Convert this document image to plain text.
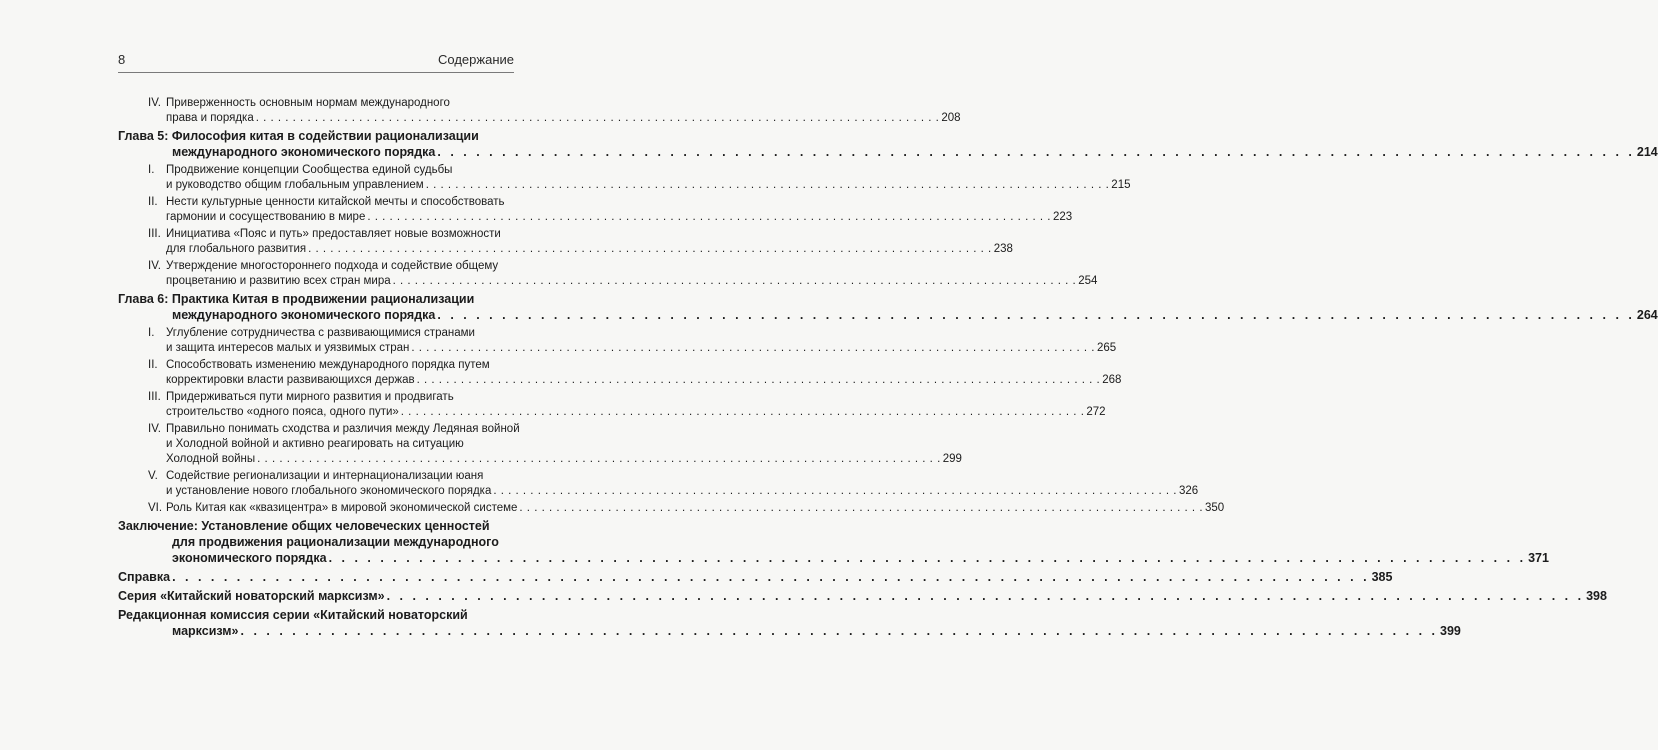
8	Содержание
IV. Приверженность основным нормам международного
права и порядка . . .	208
Глава 5: Философия китая в содействии рационализации
международного экономического порядка . . .	214
I. Продвижение концепции Сообщества единой судьбы
и руководство общим глобальным управлением . . .	215
II. Нести культурные ценности китайской мечты и способствовать
гармонии и сосуществованию в мире . . .	223
III. Инициатива «Пояс и путь» предоставляет новые возможности
для глобального развития . . .	238
IV. Утверждение многостороннего подхода и содействие общему
процветанию и развитию всех стран мира . . .	254
Глава 6: Практика Китая в продвижении рационализации
международного экономического порядка . . .	264
I. Углубление сотрудничества с развивающимися странами
и защита интересов малых и уязвимых стран . . .	265
II. Способствовать изменению международного порядка путем
корректировки власти развивающихся держав . . .	268
III. Придерживаться пути мирного развития и продвигать
строительство «одного пояса, одного пути» . . .	272
IV. Правильно понимать сходства и различия между Ледяная войной
и Холодной войной и активно реагировать на ситуацию
Холодной войны . . .	299
V. Содействие регионализации и интернационализации юаня
и установление нового глобального экономического порядка . . .	326
VI. Роль Китая как «квазицентра» в мировой экономической системе . . .	350
Заключение: Установление общих человеческих ценностей
для продвижения рационализации международного
экономического порядка . . .	371
Справка . . .	385
Серия «Китайский новаторский марксизм» . . .	398
Редакционная комиссия серии «Китайский новаторский
марксизм» . . .	399
